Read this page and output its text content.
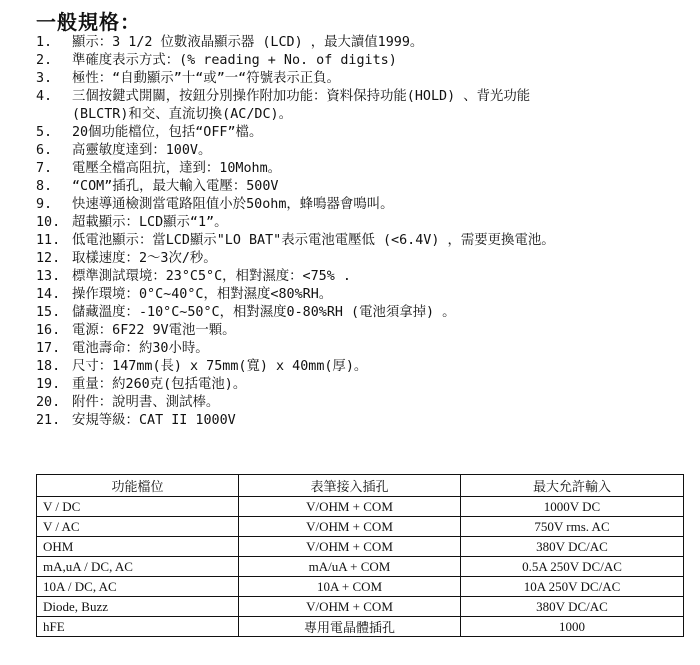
一般規格：
1. 顯示：3 1/2 位數液晶顯示器 (LCD) ，最大讀值1999。
2. 準確度表示方式：(% reading + No. of digits)
3. 極性：“自動顯示”十“或”一“符號表示正負。
4. 三個按鍵式開關，按鈕分別操作附加功能：資料保持功能(HOLD) 、背光功能
(BLCTR)和交、直流切換(AC/DC)。
5. 20個功能檔位，包括“OFF”檔。
6. 高靈敏度達到：100V。
7. 電壓全檔高阻抗，達到：10Mohm。
8. “COM”插孔，最大輸入電壓：500V
9. 快速導通檢測當電路阻值小於50ohm，蜂鳴器會鳴叫。
10. 超載顯示：LCD顯示“1”。
11. 低電池顯示：當LCD顯示"LO BAT"表示電池電壓低 (<6.4V) ，需要更換電池。
12. 取樣速度：2～3次/秒。
13. 標準測試環境：23°C5°C，相對濕度：<75% .
14. 操作環境：0°C~40°C，相對濕度<80%RH。
15. 儲藏溫度：-10°C~50°C，相對濕度0-80%RH (電池須拿掉) 。
16. 電源：6F22 9V電池一顆。
17. 電池壽命：約30小時。
18. 尺寸：147mm(長) x 75mm(寬) x 40mm(厚)。
19. 重量：約260克(包括電池)。
20. 附件：說明書、測試棒。
21. 安規等級：CAT II 1000V
功能檔位	表筆接入插孔	最大允許輸入
V / DC	V/OHM + COM	1000V DC
V / AC	V/OHM + COM	750V rms. AC
OHM	V/OHM + COM	380V DC/AC
mA,uA / DC, AC	mA/uA + COM	0.5A 250V DC/AC
10A / DC, AC	10A + COM	10A 250V DC/AC
Diode, Buzz	V/OHM + COM	380V DC/AC
hFE	專用電晶體插孔	1000
